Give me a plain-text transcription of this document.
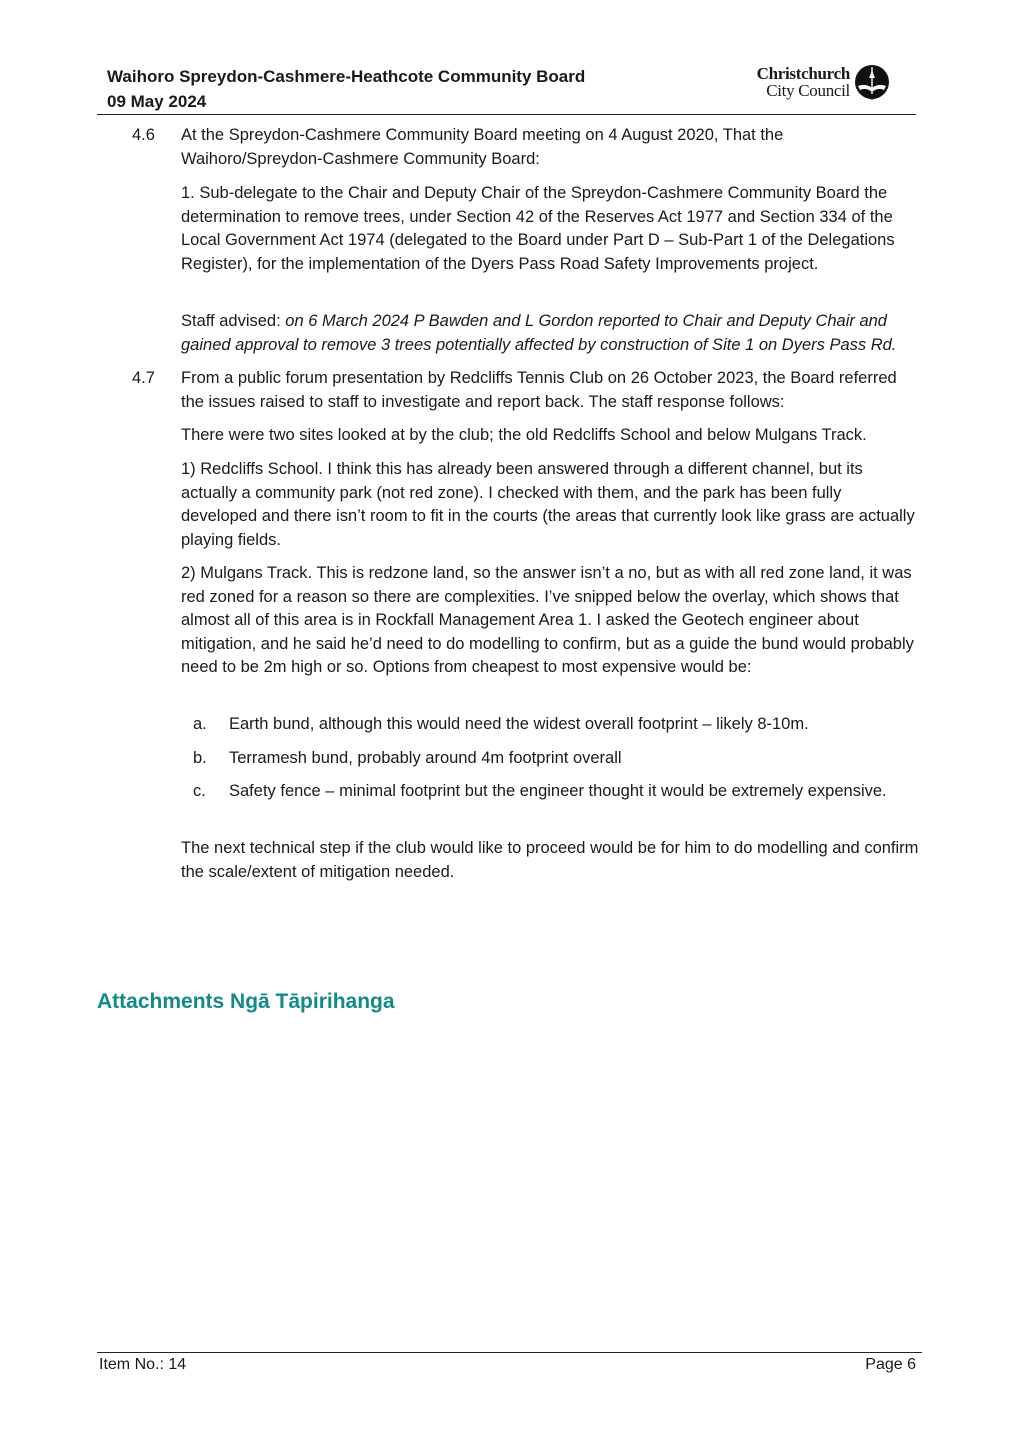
Waihoro Spreydon-Cashmere-Heathcote Community Board
09 May 2024
Christchurch
City Council
4.6 At the Spreydon-Cashmere Community Board meeting on 4 August 2020, That the Waihoro/Spreydon-Cashmere Community Board:
1. Sub-delegate to the Chair and Deputy Chair of the Spreydon-Cashmere Community Board the determination to remove trees, under Section 42 of the Reserves Act 1977 and Section 334 of the Local Government Act 1974 (delegated to the Board under Part D – Sub-Part 1 of the Delegations Register), for the implementation of the Dyers Pass Road Safety Improvements project.
Staff advised: on 6 March 2024 P Bawden and L Gordon reported to Chair and Deputy Chair and gained approval to remove 3 trees potentially affected by construction of Site 1 on Dyers Pass Rd.
4.7 From a public forum presentation by Redcliffs Tennis Club on 26 October 2023, the Board referred the issues raised to staff to investigate and report back. The staff response follows:
There were two sites looked at by the club; the old Redcliffs School and below Mulgans Track.
1) Redcliffs School. I think this has already been answered through a different channel, but its actually a community park (not red zone). I checked with them, and the park has been fully developed and there isn’t room to fit in the courts (the areas that currently look like grass are actually playing fields.
2) Mulgans Track. This is redzone land, so the answer isn’t a no, but as with all red zone land, it was red zoned for a reason so there are complexities. I’ve snipped below the overlay, which shows that almost all of this area is in Rockfall Management Area 1. I asked the Geotech engineer about mitigation, and he said he’d need to do modelling to confirm, but as a guide the bund would probably need to be 2m high or so. Options from cheapest to most expensive would be:
a. Earth bund, although this would need the widest overall footprint – likely 8-10m.
b. Terramesh bund, probably around 4m footprint overall
c. Safety fence – minimal footprint but the engineer thought it would be extremely expensive.
The next technical step if the club would like to proceed would be for him to do modelling and confirm the scale/extent of mitigation needed.
Attachments Ngā Tāpirihanga
Item No.: 14	Page 6
